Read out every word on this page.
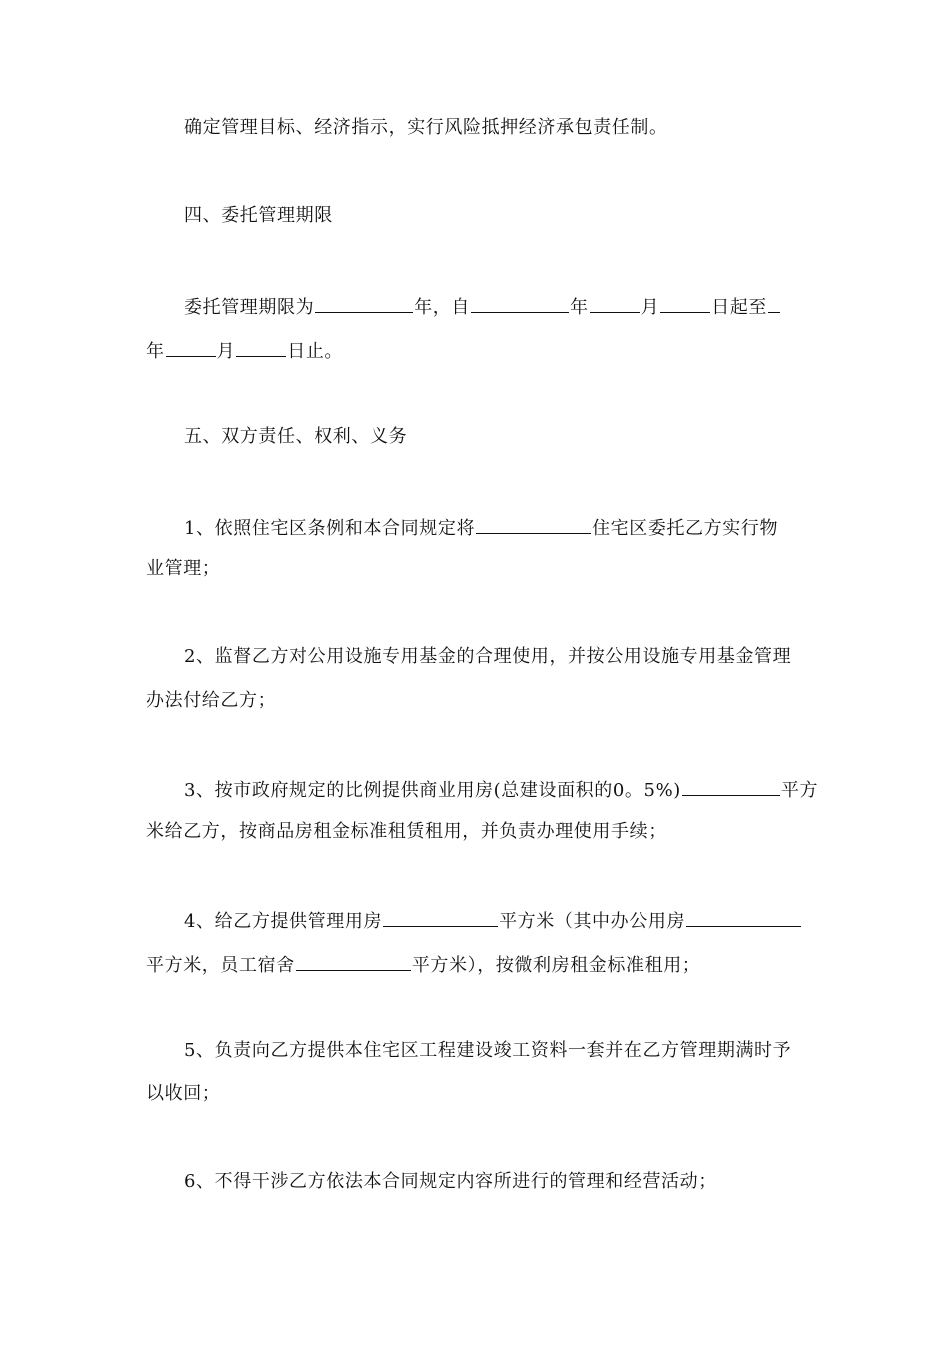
确定管理目标、经济指示，实行风险抵押经济承包责任制。
四、委托管理期限
委托管理期限为	年，自	年	月	日起至
年	月	日止。
五、双方责任、权利、义务
1、依照住宅区条例和本合同规定将	住宅区委托乙方实行物
业管理；
2、监督乙方对公用设施专用基金的合理使用，并按公用设施专用基金管理
办法付给乙方；
3、按市政府规定的比例提供商业用房(总建设面积的0。5%)	平方
米给乙方，按商品房租金标准租赁租用，并负责办理使用手续；
4、给乙方提供管理用房	平方米（其中办公用房
平方米，员工宿舍	平方米），按微利房租金标准租用；
5、负责向乙方提供本住宅区工程建设竣工资料一套并在乙方管理期满时予
以收回；
6、不得干涉乙方依法本合同规定内容所进行的管理和经营活动；
